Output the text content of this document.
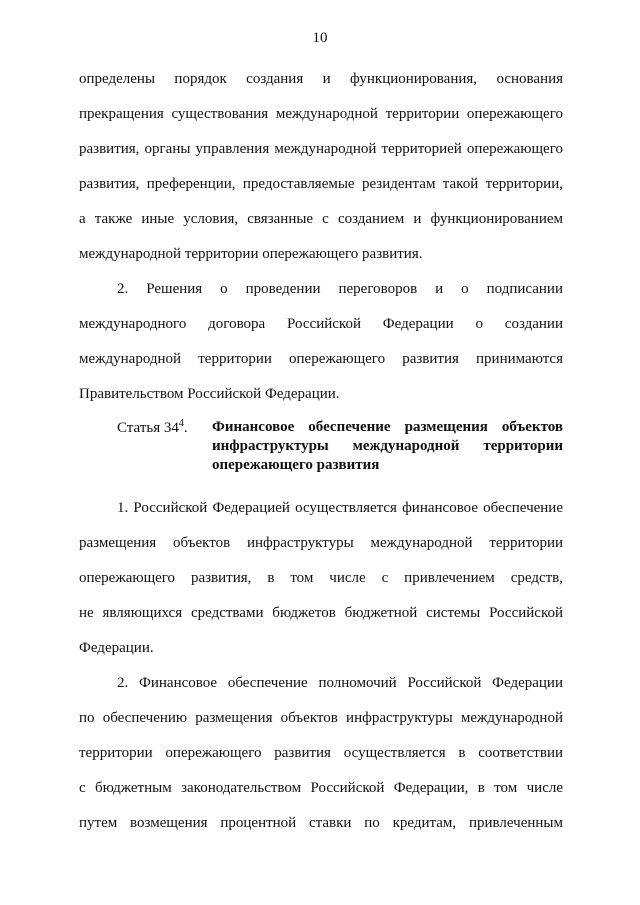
10

определены порядок создания и функционирования, основания
прекращения существования международной территории опережающего
развития, органы управления международной территорией опережающего
развития, преференции, предоставляемые резидентам такой территории,
а также иные условия, связанные с созданием и функционированием
международной территории опережающего развития.

2. Решения о проведении переговоров и о подписании
международного договора Российской Федерации о создании
международной территории опережающего развития принимаются
Правительством Российской Федерации.

Статья $34^4$.	Финансовое обеспечение размещения объектов
инфраструктуры международной территории
опережающего развития

1. Российской Федерацией осуществляется финансовое обеспечение
размещения объектов инфраструктуры международной территории
опережающего развития, в том числе с привлечением средств,
не являющихся средствами бюджетов бюджетной системы Российской
Федерации.

2. Финансовое обеспечение полномочий Российской Федерации
по обеспечению размещения объектов инфраструктуры международной
территории опережающего развития осуществляется в соответствии
с бюджетным законодательством Российской Федерации, в том числе
путем возмещения процентной ставки по кредитам, привлеченным
